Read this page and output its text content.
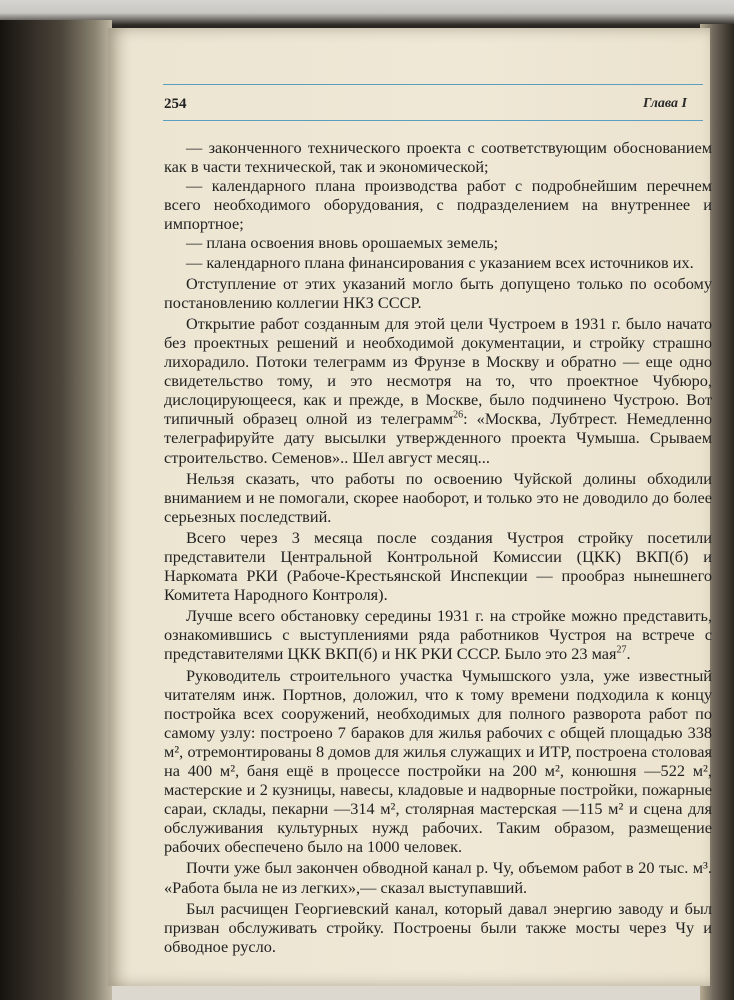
254	Глава I

— законченного технического проекта с соответствующим обоснованием как в части технической, так и экономической;

— календарного плана производства работ с подробнейшим перечнем всего необходимого оборудования, с подразделением на внутреннее и импортное;

— плана освоения вновь орошаемых земель;

— календарного плана финансирования с указанием всех источников их.

Отступление от этих указаний могло быть допущено только по особому постановлению коллегии НКЗ СССР.

Открытие работ созданным для этой цели Чустроем в 1931 г. было начато без проектных решений и необходимой документации, и стройку страшно лихорадило. Потоки телеграмм из Фрунзе в Москву и обратно — еще одно свидетельство тому, и это несмотря на то, что проектное Чубюро, дислоцирующееся, как и прежде, в Москве, было подчинено Чустрою. Вот типичный образец олной из телеграмм$^{26}$: «Москва, Лубтрест. Немедленно телеграфируйте дату высылки утвержденного проекта Чумыша. Срываем строительство. Семенов».. Шел август месяц...

Нельзя сказать, что работы по освоению Чуйской долины обходили вниманием и не помогали, скорее наоборот, и только это не доводило до более серьезных последствий.

Всего через 3 месяца после создания Чустроя стройку посетили представители Центральной Контрольной Комиссии (ЦКК) ВКП(б) и Наркомата РКИ (Рабоче-Крестьянской Инспекции — прообраз нынешнего Комитета Народного Контроля).

Лучше всего обстановку середины 1931 г. на стройке можно представить, ознакомившись с выступлениями ряда работников Чустроя на встрече с представителями ЦКК ВКП(б) и НК РКИ СССР. Было это 23 мая$^{27}$.

Руководитель строительного участка Чумышского узла, уже известный читателям инж. Портнов, доложил, что к тому времени подходила к концу постройка всех сооружений, необходимых для полного разворота работ по самому узлу: построено 7 бараков для жилья рабочих с общей площадью 338 м², отремонтированы 8 домов для жилья служащих и ИТР, построена столовая на 400 м², баня ещё в процессе постройки на 200 м², конюшня —522 м², мастерские и 2 кузницы, навесы, кладовые и надворные постройки, пожарные сараи, склады, пекарни —314 м², столярная мастерская —115 м² и сцена для обслуживания культурных нужд рабочих. Таким образом, размещение рабочих обеспечено было на 1000 человек.

Почти уже был закончен обводной канал р. Чу, объемом работ в 20 тыс. м³. «Работа была не из легких»,— сказал выступавший.

Был расчищен Георгиевский канал, который давал энергию заводу и был призван обслуживать стройку. Построены были также мосты через Чу и обводное русло.
